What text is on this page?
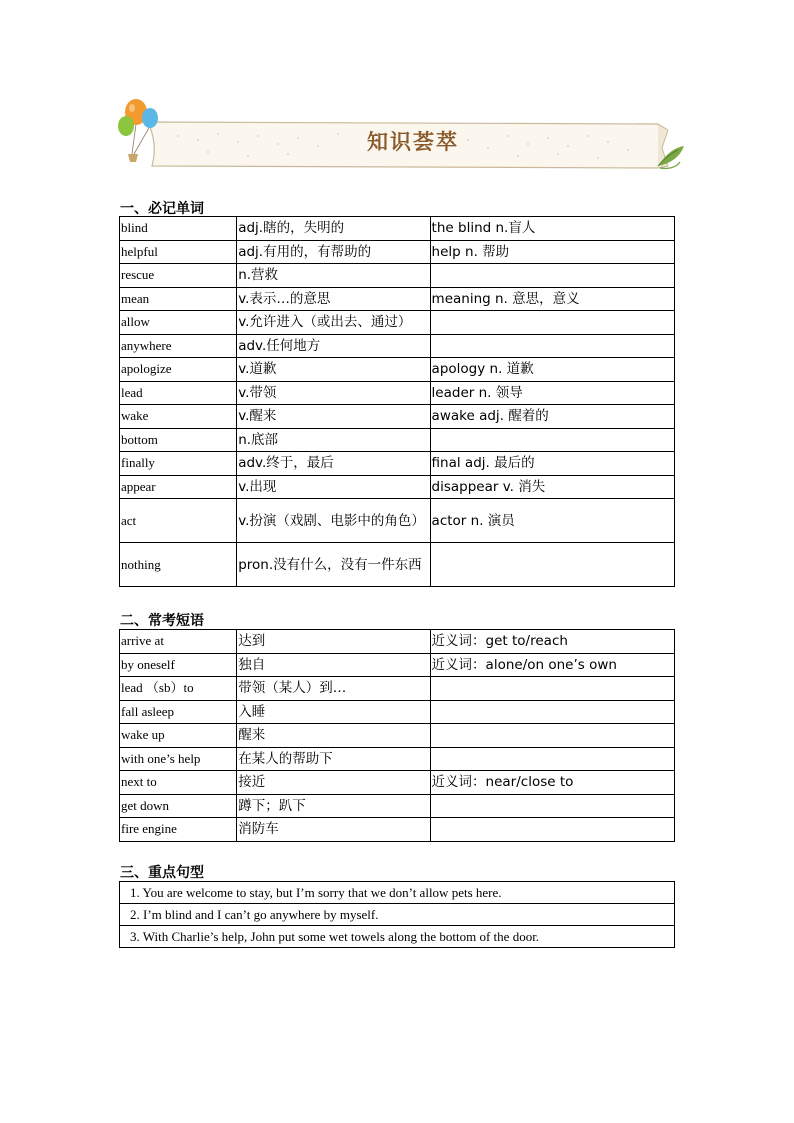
知识荟萃
一、必记单词
blind	adj.瞎的，失明的	the blind n.盲人
helpful	adj.有用的，有帮助的	help n. 帮助
rescue	n.营救	
mean	v.表示…的意思	meaning n. 意思，意义
allow	v.允许进入（或出去、通过）	
anywhere	adv.任何地方	
apologize	v.道歉	apology n. 道歉
lead	v.带领	leader n. 领导
wake	v.醒来	awake adj. 醒着的
bottom	n.底部	
finally	adv.终于，最后	final adj. 最后的
appear	v.出现	disappear v. 消失
act	v.扮演（戏剧、电影中的角色）	actor n. 演员
nothing	pron.没有什么，没有一件东西	
二、常考短语
arrive at	达到	近义词：get to/reach
by oneself	独自	近义词：alone/on one’s own
lead （sb）to	带领（某人）到…	
fall asleep	入睡	
wake up	醒来	
with one’s help	在某人的帮助下	
next to	接近	近义词：near/close to
get down	蹲下；趴下	
fire engine	消防车	
三、重点句型
1. You are welcome to stay, but I’m sorry that we don’t allow pets here.
2. I’m blind and I can’t go anywhere by myself.
3. With Charlie’s help, John put some wet towels along the bottom of the door.
